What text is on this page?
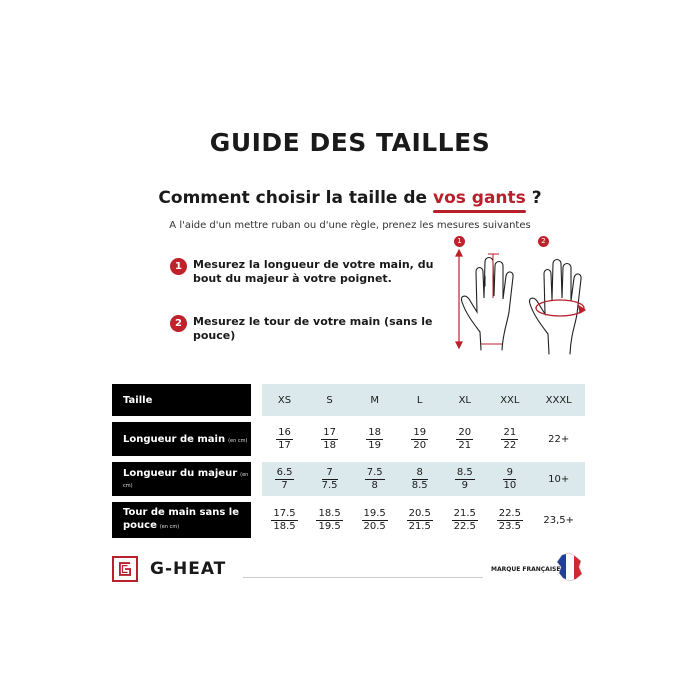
GUIDE DES TAILLES
Comment choisir la taille de vos gants ?
A l'aide d'un mettre ruban ou d'une règle, prenez les mesures suivantes
1	Mesurez la longueur de votre main, du bout du majeur à votre poignet.
2	Mesurez le tour de votre main (sans le pouce)
1	2
Taille		XS	S	M	L	XL	XXL	XXXL
Longueur de main (en cm)		$\frac{16}{17}$	$\frac{17}{18}$	$\frac{18}{19}$	$\frac{19}{20}$	$\frac{20}{21}$	$\frac{21}{22}$	22+
Longueur du majeur (en cm)		$\frac{6.5}{7}$	$\frac{7}{7.5}$	$\frac{7.5}{8}$	$\frac{8}{8.5}$	$\frac{8.5}{9}$	$\frac{9}{10}$	10+
Tour de main sans le pouce (en cm)		$\frac{17.5}{18.5}$	$\frac{18.5}{19.5}$	$\frac{19.5}{20.5}$	$\frac{20.5}{21.5}$	$\frac{21.5}{22.5}$	$\frac{22.5}{23.5}$	23,5+
G-HEAT	MARQUE FRANÇAISE
